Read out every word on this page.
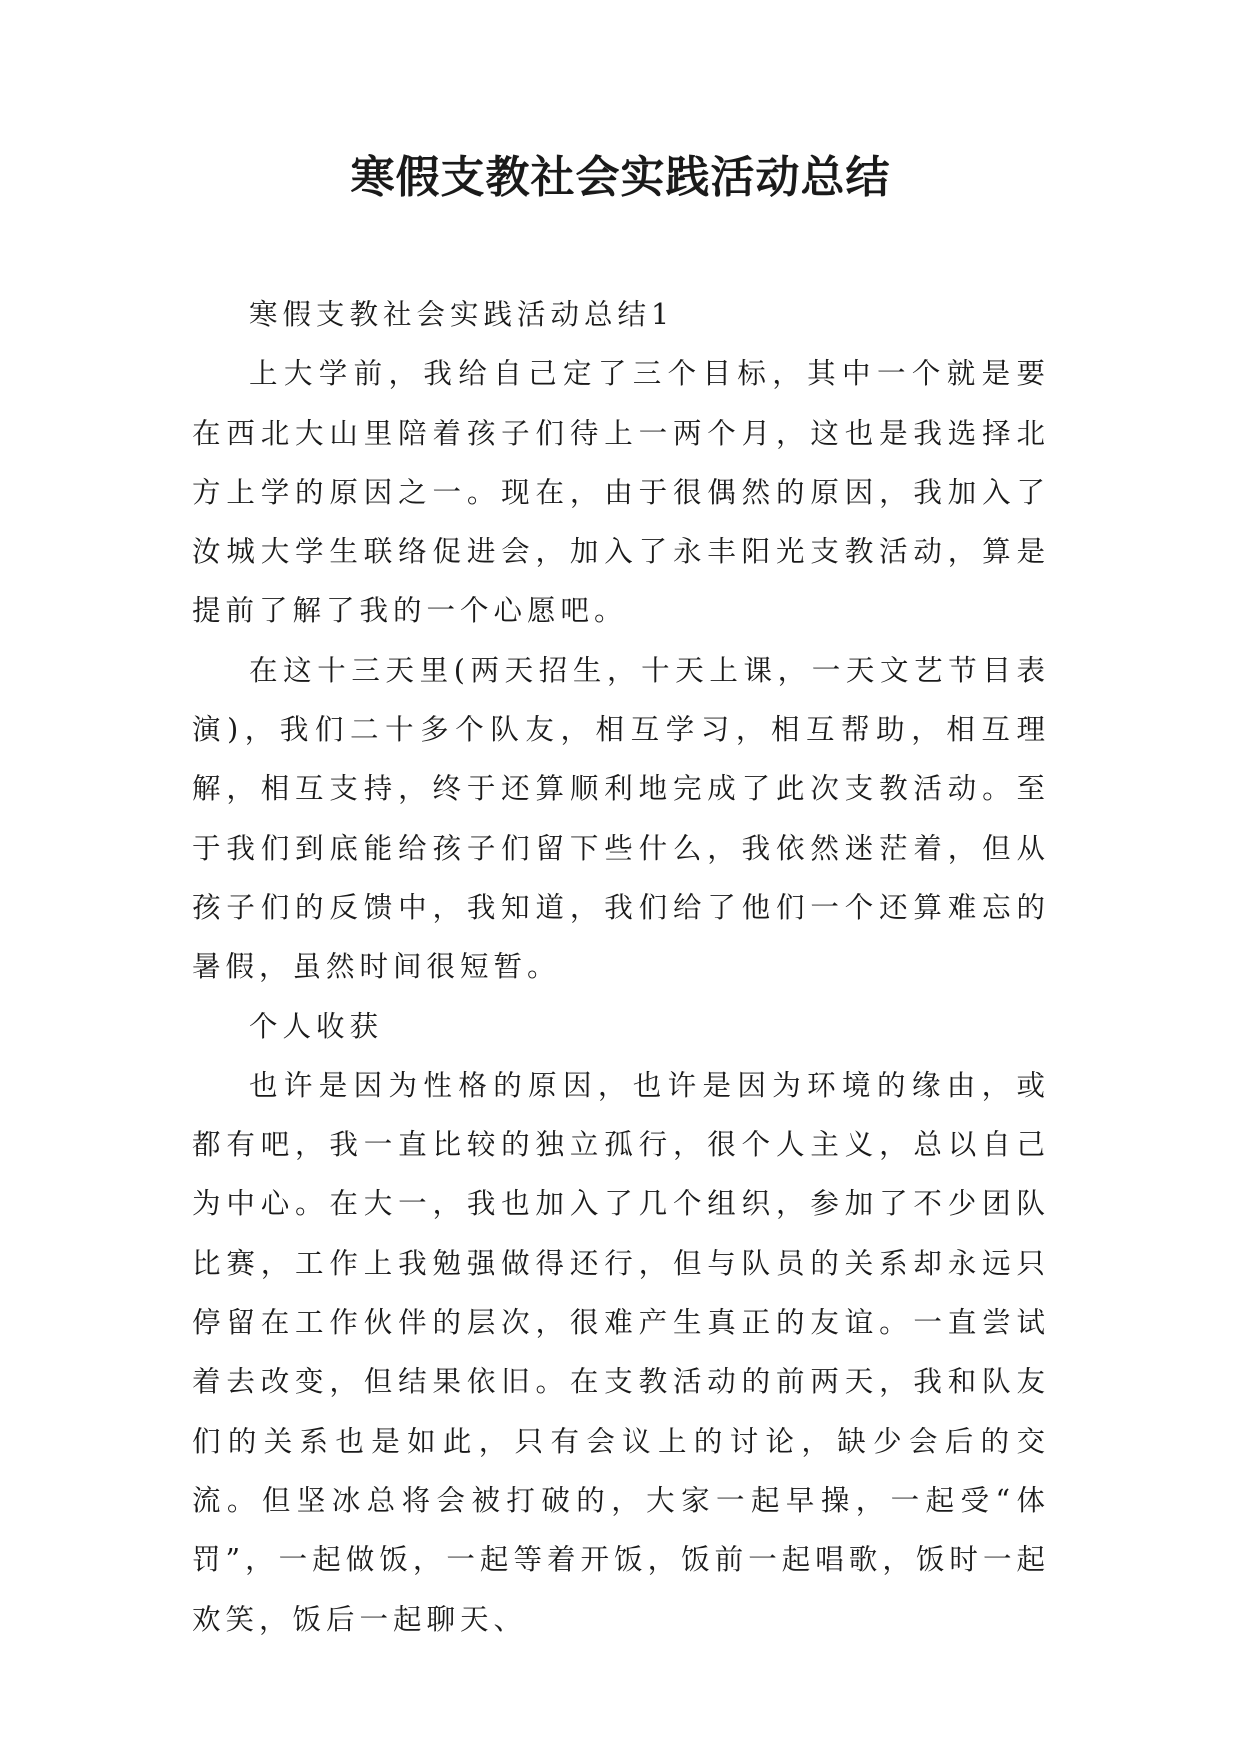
寒假支教社会实践活动总结

寒假支教社会实践活动总结1

上大学前，我给自己定了三个目标，其中一个就是要在西北大山里陪着孩子们待上一两个月，这也是我选择北方上学的原因之一。现在，由于很偶然的原因，我加入了汝城大学生联络促进会，加入了永丰阳光支教活动，算是提前了解了我的一个心愿吧。

在这十三天里(两天招生，十天上课，一天文艺节目表演)，我们二十多个队友，相互学习，相互帮助，相互理解，相互支持，终于还算顺利地完成了此次支教活动。至于我们到底能给孩子们留下些什么，我依然迷茫着，但从孩子们的反馈中，我知道，我们给了他们一个还算难忘的暑假，虽然时间很短暂。

个人收获

也许是因为性格的原因，也许是因为环境的缘由，或都有吧，我一直比较的独立孤行，很个人主义，总以自己为中心。在大一，我也加入了几个组织，参加了不少团队比赛，工作上我勉强做得还行，但与队员的关系却永远只停留在工作伙伴的层次，很难产生真正的友谊。一直尝试着去改变，但结果依旧。在支教活动的前两天，我和队友们的关系也是如此，只有会议上的讨论，缺少会后的交流。但坚冰总将会被打破的，大家一起早操，一起受“体罚”，一起做饭，一起等着开饭，饭前一起唱歌，饭时一起欢笑，饭后一起聊天、
